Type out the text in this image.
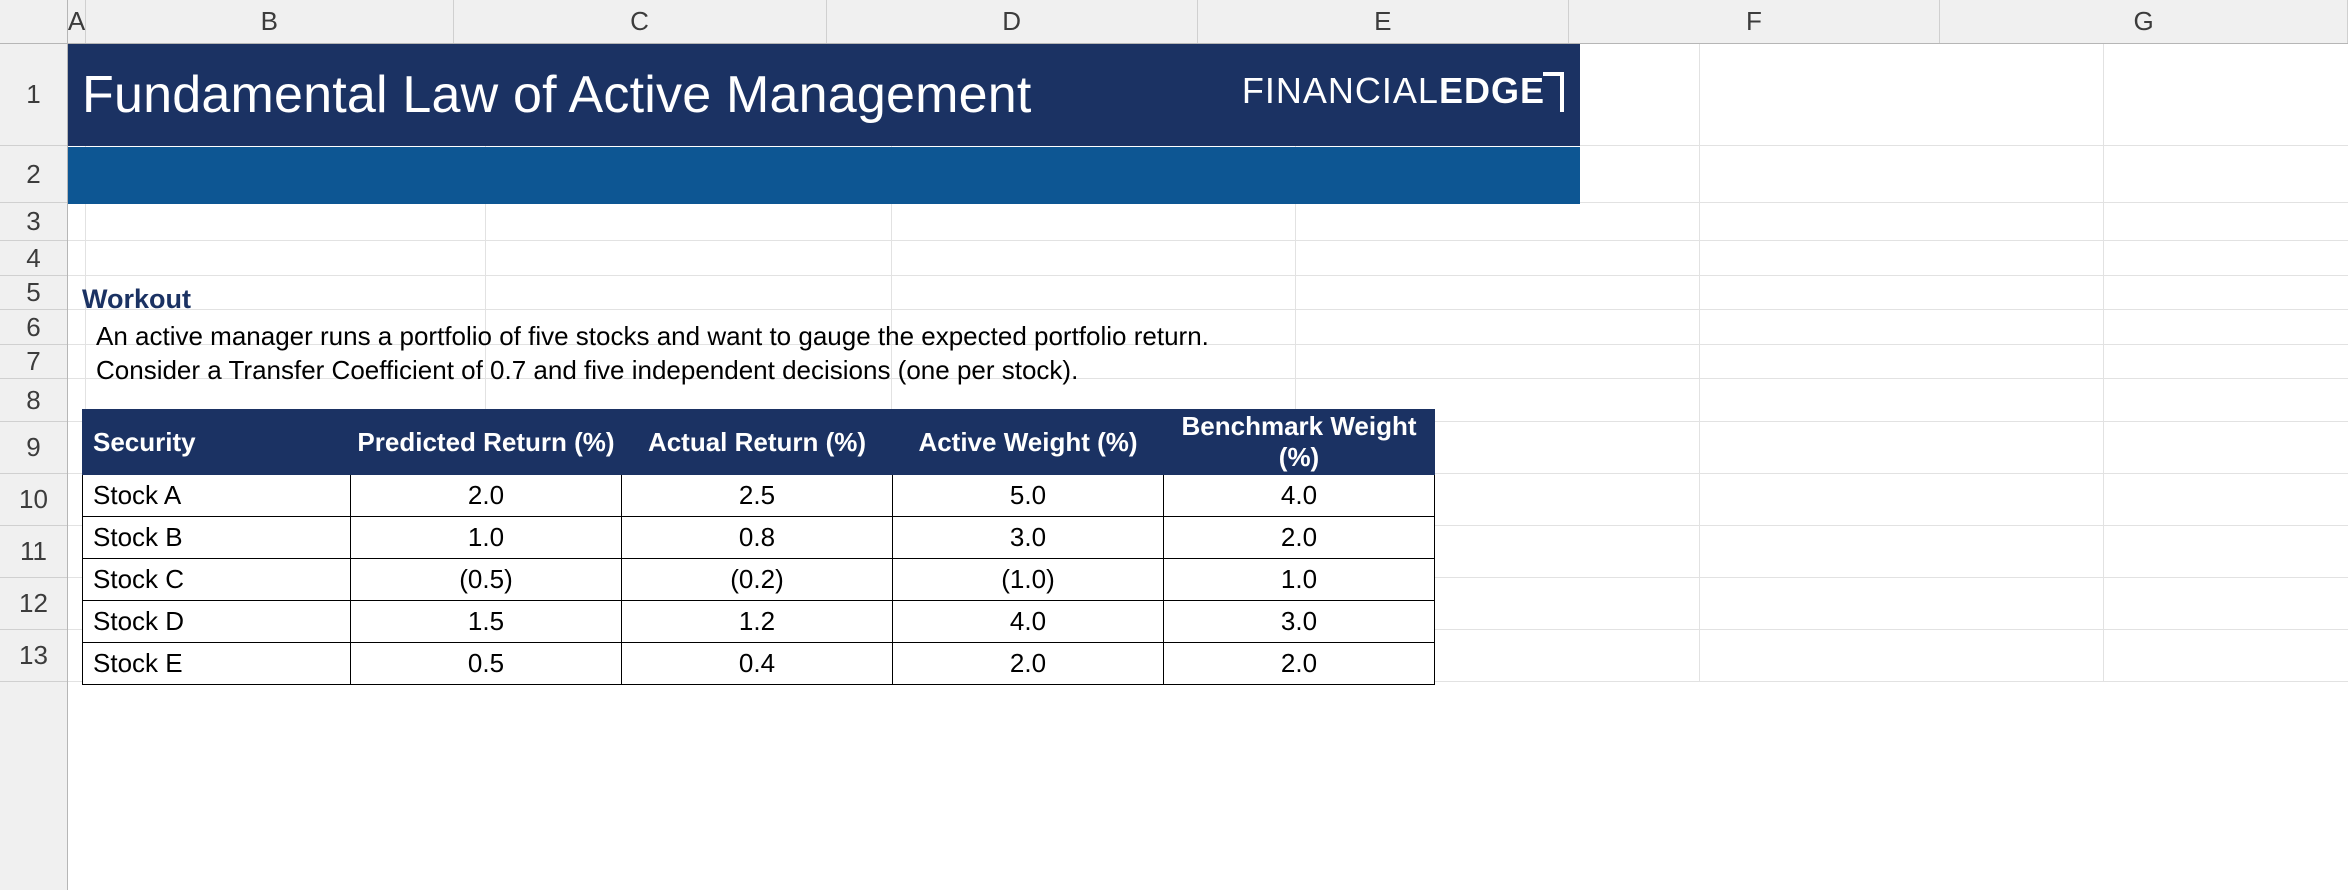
A	B	C	D	E	F	G
1
2
3
4
5
6
7
8
9
10
11
12
13
Fundamental Law of Active Management	FINANCIALEDGE
Workout
An active manager runs a portfolio of five stocks and want to gauge the expected portfolio return.
Consider a Transfer Coefficient of 0.7 and five independent decisions (one per stock).
Security	Predicted Return (%)	Actual Return (%)	Active Weight (%)	Benchmark Weight (%)
Stock A	2.0	2.5	5.0	4.0
Stock B	1.0	0.8	3.0	2.0
Stock C	(0.5)	(0.2)	(1.0)	1.0
Stock D	1.5	1.2	4.0	3.0
Stock E	0.5	0.4	2.0	2.0
